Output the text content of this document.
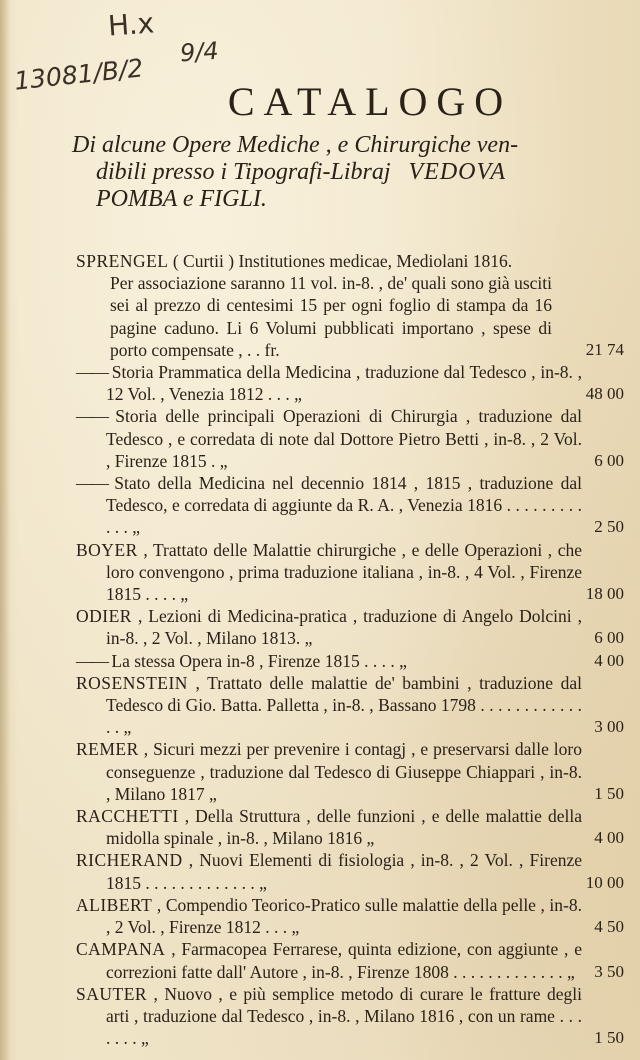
H.x
13081/B/2
9/4
CATALOGO
Di alcune Opere Mediche , e Chirurgiche ven-
dibili presso i Tipografi-Libraj VEDOVA
POMBA e FIGLI.
SPRENGEL ( Curtii ) Institutiones medicae, Mediolani 1816.
Per associazione saranno 11 vol. in-8. , de' quali sono già usciti sei al prezzo di centesimi 15 per ogni foglio di stampa da 16 pagine caduno. Li 6 Volumi pubblicati importano , spese di porto compensate , . . fr.	21 74
—— Storia Prammatica della Medicina , traduzione dal Tedesco , in-8. , 12 Vol. , Venezia 1812 . . . „	48 00
—— Storia delle principali Operazioni di Chirurgia , traduzione dal Tedesco , e corredata di note dal Dottore Pietro Betti , in-8. , 2 Vol. , Firenze 1815 . „	6 00
—— Stato della Medicina nel decennio 1814 , 1815 , traduzione dal Tedesco, e corredata di aggiunte da R. A. , Venezia 1816 . . . . . . . . . . . . „	2 50
BOYER , Trattato delle Malattie chirurgiche , e delle Operazioni , che loro convengono , prima traduzione italiana , in-8. , 4 Vol. , Firenze 1815 . . . . „	18 00
ODIER , Lezioni di Medicina-pratica , traduzione di Angelo Dolcini , in-8. , 2 Vol. , Milano 1813. „	6 00
—— La stessa Opera in-8 , Firenze 1815 . . . . „	4 00
ROSENSTEIN , Trattato delle malattie de' bambini , traduzione dal Tedesco di Gio. Batta. Palletta , in-8. , Bassano 1798 . . . . . . . . . . . . . . „	3 00
REMER , Sicuri mezzi per prevenire i contagj , e preservarsi dalle loro conseguenze , traduzione dal Tedesco di Giuseppe Chiappari , in-8. , Milano 1817 „	1 50
RACCHETTI , Della Struttura , delle funzioni , e delle malattie della midolla spinale , in-8. , Milano 1816 „	4 00
RICHERAND , Nuovi Elementi di fisiologia , in-8. , 2 Vol. , Firenze 1815 . . . . . . . . . . . . . „	10 00
ALIBERT , Compendio Teorico-Pratico sulle malattie della pelle , in-8. , 2 Vol. , Firenze 1812 . . . „	4 50
CAMPANA , Farmacopea Ferrarese, quinta edizione, con aggiunte , e correzioni fatte dall' Autore , in-8. , Firenze 1808 . . . . . . . . . . . . . „	3 50
SAUTER , Nuovo , e più semplice metodo di curare le fratture degli arti , traduzione dal Tedesco , in-8. , Milano 1816 , con un rame . . . . . . . „	1 50
